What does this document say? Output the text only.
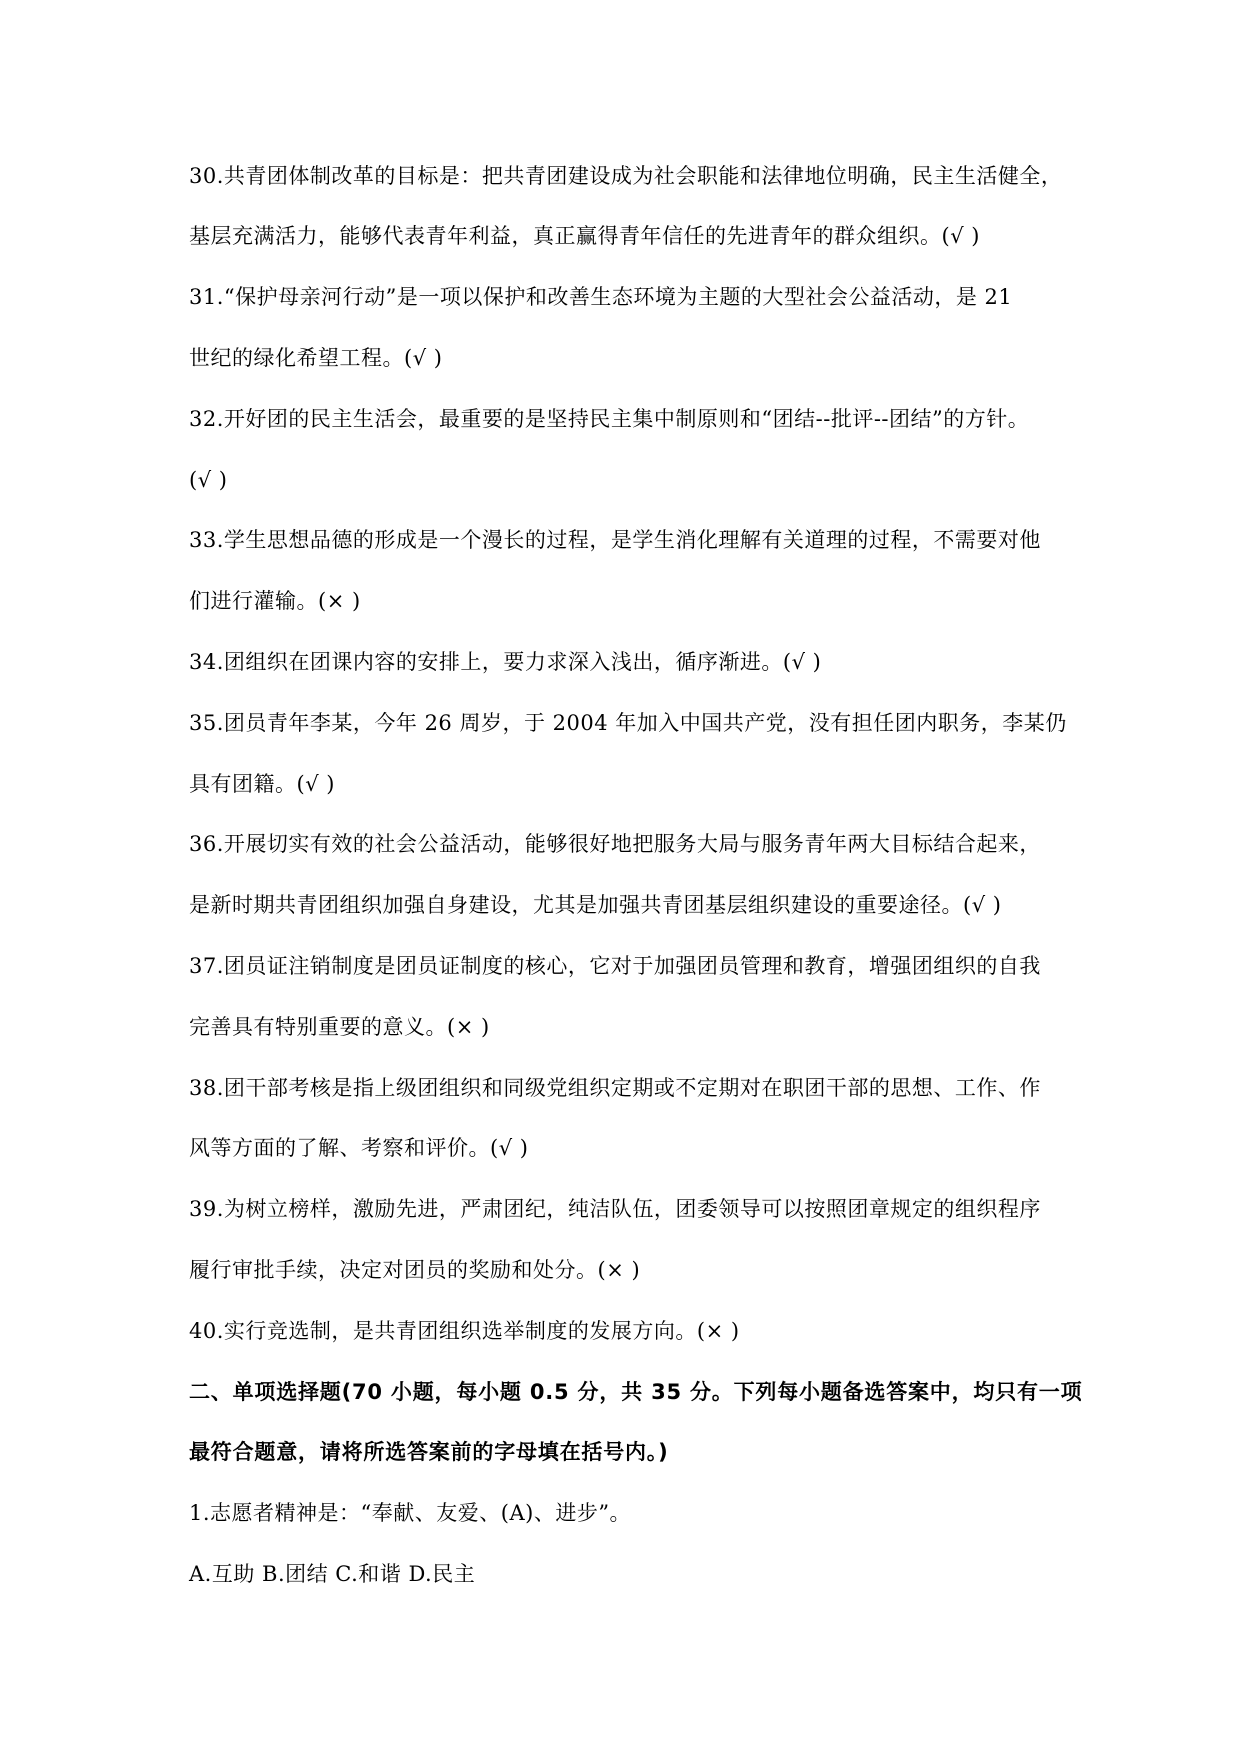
30.共青团体制改革的目标是：把共青团建设成为社会职能和法律地位明确，民主生活健全，
基层充满活力，能够代表青年利益，真正赢得青年信任的先进青年的群众组织。(√ )
31.“保护母亲河行动”是一项以保护和改善生态环境为主题的大型社会公益活动，是 21
世纪的绿化希望工程。(√ )
32.开好团的民主生活会，最重要的是坚持民主集中制原则和“团结--批评--团结”的方针。
(√ )
33.学生思想品德的形成是一个漫长的过程，是学生消化理解有关道理的过程，不需要对他
们进行灌输。(× )
34.团组织在团课内容的安排上，要力求深入浅出，循序渐进。(√ )
35.团员青年李某，今年 26 周岁，于 2004 年加入中国共产党，没有担任团内职务，李某仍
具有团籍。(√ )
36.开展切实有效的社会公益活动，能够很好地把服务大局与服务青年两大目标结合起来，
是新时期共青团组织加强自身建设，尤其是加强共青团基层组织建设的重要途径。(√ )
37.团员证注销制度是团员证制度的核心，它对于加强团员管理和教育，增强团组织的自我
完善具有特别重要的意义。(× )
38.团干部考核是指上级团组织和同级党组织定期或不定期对在职团干部的思想、工作、作
风等方面的了解、考察和评价。(√ )
39.为树立榜样，激励先进，严肃团纪，纯洁队伍，团委领导可以按照团章规定的组织程序
履行审批手续，决定对团员的奖励和处分。(× )
40.实行竞选制，是共青团组织选举制度的发展方向。(× )
二、单项选择题(70 小题，每小题 0.5 分，共 35 分。下列每小题备选答案中，均只有一项
最符合题意，请将所选答案前的字母填在括号内。)
1.志愿者精神是：“奉献、友爱、(A)、进步”。
A.互助 B.团结 C.和谐 D.民主
